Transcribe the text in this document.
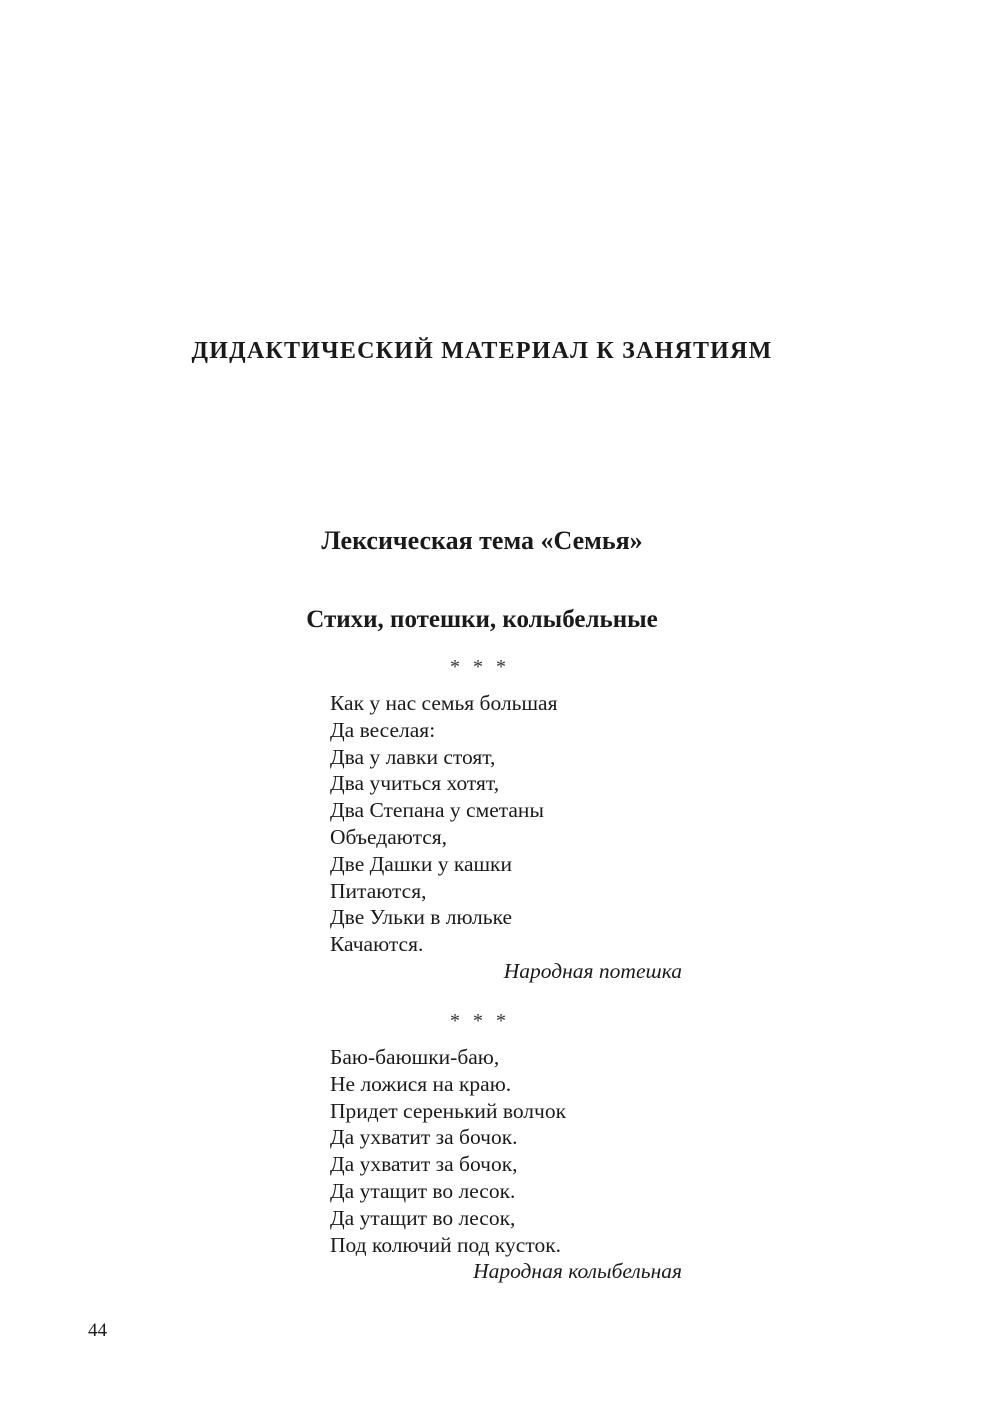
ДИДАКТИЧЕСКИЙ МАТЕРИАЛ К ЗАНЯТИЯМ
Лексическая тема «Семья»
Стихи, потешки, колыбельные
* * *
Как у нас семья большая
Да веселая:
Два у лавки стоят,
Два учиться хотят,
Два Степана у сметаны
Объедаются,
Две Дашки у кашки
Питаются,
Две Ульки в люльке
Качаются.
Народная потешка
* * *
Баю-баюшки-баю,
Не ложися на краю.
Придет серенький волчок
Да ухватит за бочок.
Да ухватит за бочок,
Да утащит во лесок.
Да утащит во лесок,
Под колючий под кусток.
Народная колыбельная
44
